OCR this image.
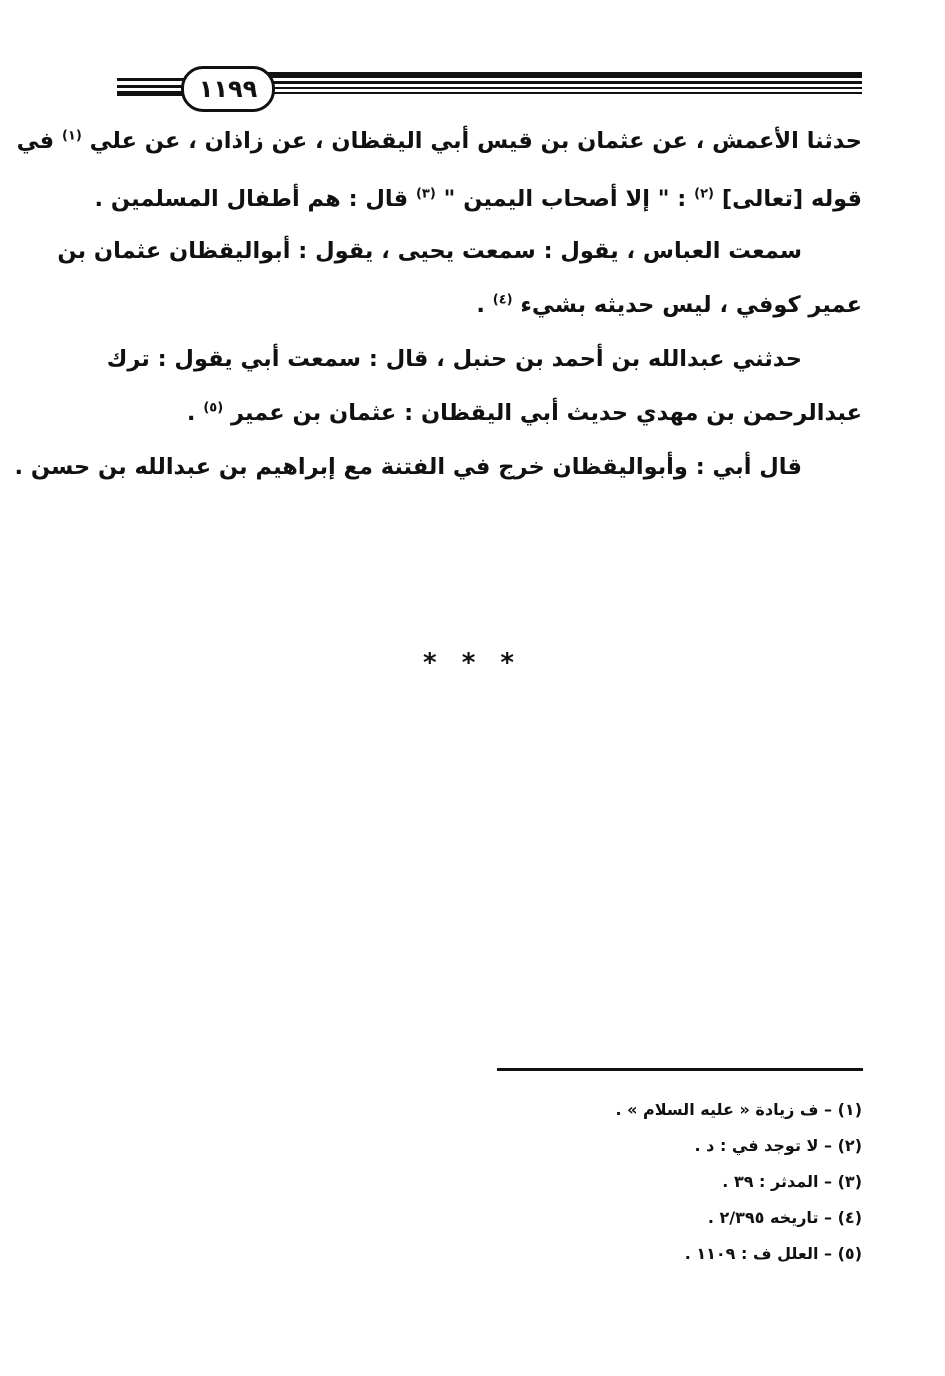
١١٩٩
حدثنا الأعمش ، عن عثمان بن قيس أبي اليقظان ، عن زاذان ، عن علي $^{(١)}$ في
قوله [تعالى] $^{(٢)}$ : " إلا أصحاب اليمين " $^{(٣)}$ قال : هم أطفال المسلمين .
سمعت العباس ، يقول : سمعت يحيى ، يقول : أبواليقظان عثمان بن
عمير كوفي ، ليس حديثه بشيء $^{(٤)}$ .
حدثني عبدالله بن أحمد بن حنبل ، قال : سمعت أبي يقول : ترك
عبدالرحمن بن مهدي حديث أبي اليقظان : عثمان بن عمير $^{(٥)}$ .
قال أبي : وأبواليقظان خرج في الفتنة مع إبراهيم بن عبدالله بن حسن .
* * *
(١) – ف زيادة « عليه السلام » .
(٢) – لا توجد في : د .
(٣) – المدثر : ٣٩ .
(٤) – تاريخه ٢/٣٩٥ .
(٥) – العلل ف : ١١٠٩ .
